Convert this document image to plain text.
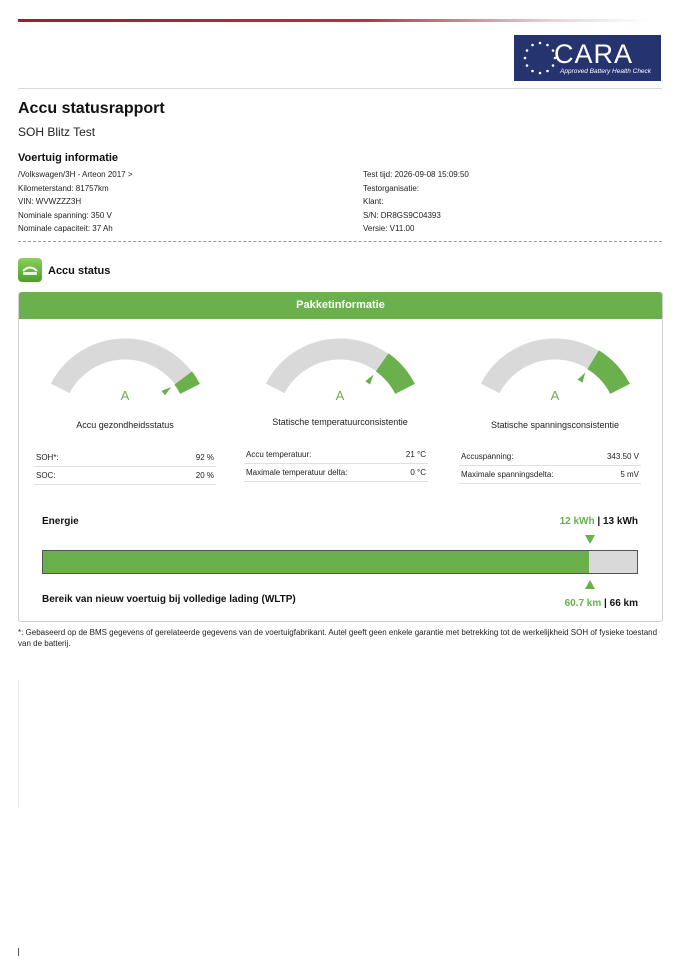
CARA
Approved Battery Health Check
Accu statusrapport
SOH Blitz Test
Voertuig informatie
/Volkswagen/3H - Arteon 2017 >
Kilometerstand: 81757km
VIN: WVWZZZ3H
Nominale spanning: 350 V
Nominale capaciteit: 37 Ah
Test tijd: 2026-09-08 15:09:50
Testorganisatie:
Klant:
S/N: DR8GS9C04393
Versie: V11.00
Accu status
Pakketinformatie
A
Accu gezondheidsstatus
SOH*:	92 %
SOC:	20 %
A
Statische temperatuurconsistentie
Accu temperatuur:	21 °C
Maximale temperatuur delta:	0 °C
A
Statische spanningsconsistentie
Accuspanning:	343.50 V
Maximale spanningsdelta:	5 mV
Energie	12 kWh | 13 kWh
Bereik van nieuw voertuig bij volledige lading (WLTP)	60.7 km | 66 km
*: Gebaseerd op de BMS gegevens of gerelateerde gegevens van de voertuigfabrikant. Autel geeft geen enkele garantie met betrekking tot de werkelijkheid SOH of fysieke toestand van de batterij.
